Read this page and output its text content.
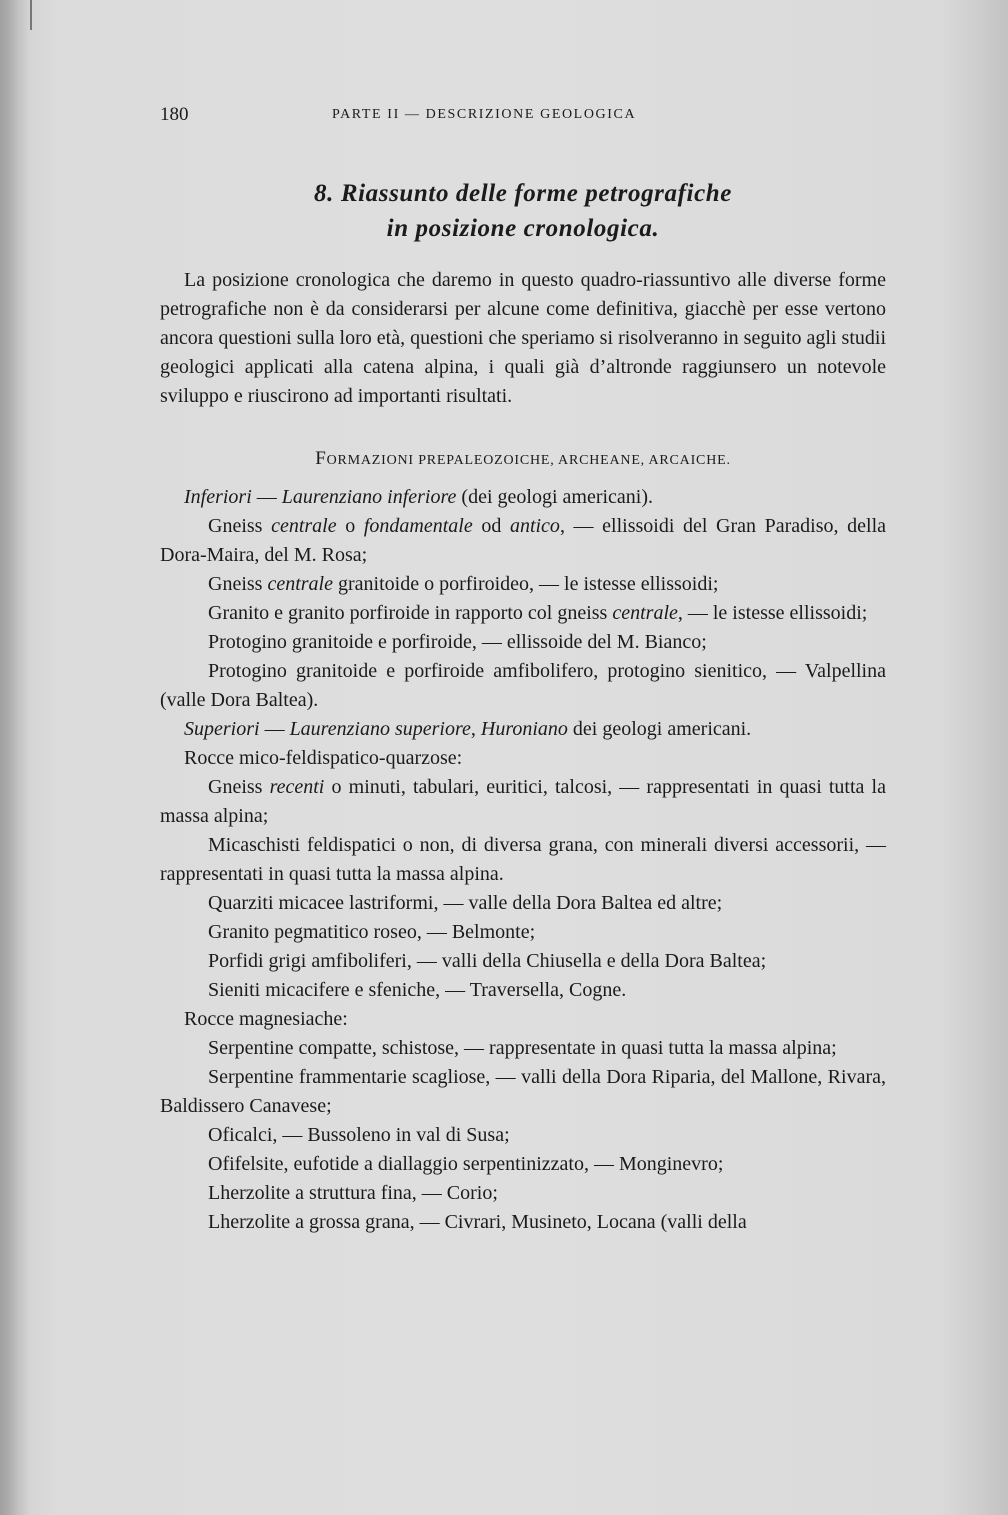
180	PARTE II — DESCRIZIONE GEOLOGICA
8. Riassunto delle forme petrografiche
in posizione cronologica.

La posizione cronologica che daremo in questo quadro-riassuntivo alle diverse forme petrografiche non è da considerarsi per alcune come definitiva, giacchè per esse vertono ancora questioni sulla loro età, questioni che speriamo si risolveranno in seguito agli studii geologici applicati alla catena alpina, i quali già d’altronde raggiunsero un notevole sviluppo e riuscirono ad importanti risultati.

FORMAZIONI PREPALEOZOICHE, ARCHEANE, ARCAICHE.
Inferiori — Laurenziano inferiore (dei geologi americani).
Gneiss centrale o fondamentale od antico, — ellissoidi del Gran Paradiso, della Dora-Maira, del M. Rosa;
Gneiss centrale granitoide o porfiroideo, — le istesse ellissoidi;
Granito e granito porfiroide in rapporto col gneiss centrale, — le istesse ellissoidi;
Protogino granitoide e porfiroide, — ellissoide del M. Bianco;
Protogino granitoide e porfiroide amfibolifero, protogino sienitico, — Valpellina (valle Dora Baltea).
Superiori — Laurenziano superiore, Huroniano dei geologi americani.
Rocce mico-feldispatico-quarzose:
Gneiss recenti o minuti, tabulari, euritici, talcosi, — rappresentati in quasi tutta la massa alpina;
Micaschisti feldispatici o non, di diversa grana, con minerali diversi accessorii, — rappresentati in quasi tutta la massa alpina.
Quarziti micacee lastriformi, — valle della Dora Baltea ed altre;
Granito pegmatitico roseo, — Belmonte;
Porfidi grigi amfiboliferi, — valli della Chiusella e della Dora Baltea;
Sieniti micacifere e sfeniche, — Traversella, Cogne.
Rocce magnesiache:
Serpentine compatte, schistose, — rappresentate in quasi tutta la massa alpina;
Serpentine frammentarie scagliose, — valli della Dora Riparia, del Mallone, Rivara, Baldissero Canavese;
Oficalci, — Bussoleno in val di Susa;
Ofifelsite, eufotide a diallaggio serpentinizzato, — Monginevro;
Lherzolite a struttura fina, — Corio;
Lherzolite a grossa grana, — Civrari, Musineto, Locana (valli della
